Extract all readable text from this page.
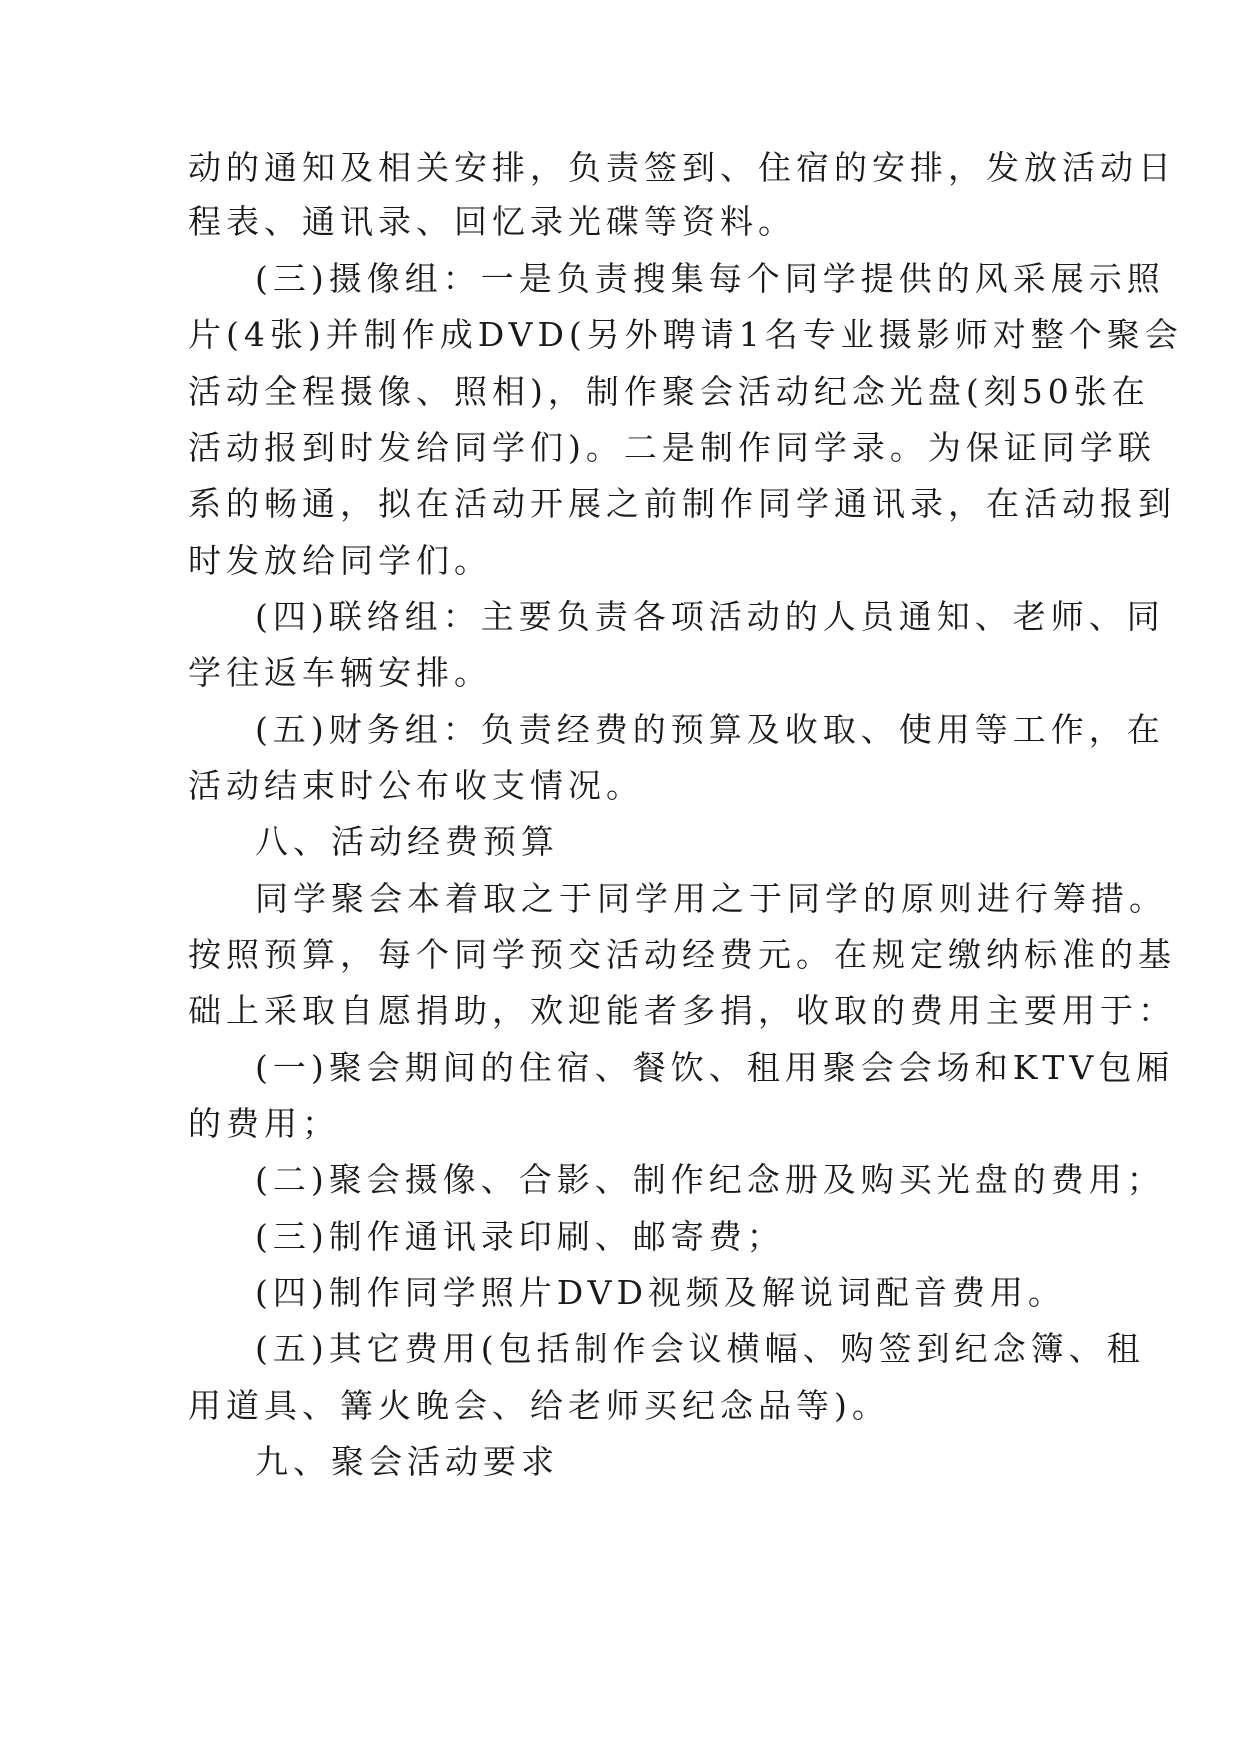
动的通知及相关安排，负责签到、住宿的安排，发放活动日
程表、通讯录、回忆录光碟等资料。
(三)摄像组：一是负责搜集每个同学提供的风采展示照
片(4张)并制作成DVD(另外聘请1名专业摄影师对整个聚会
活动全程摄像、照相)，制作聚会活动纪念光盘(刻50张在
活动报到时发给同学们)。二是制作同学录。为保证同学联
系的畅通，拟在活动开展之前制作同学通讯录，在活动报到
时发放给同学们。
(四)联络组：主要负责各项活动的人员通知、老师、同
学往返车辆安排。
(五)财务组：负责经费的预算及收取、使用等工作，在
活动结束时公布收支情况。
八、活动经费预算
同学聚会本着取之于同学用之于同学的原则进行筹措。
按照预算，每个同学预交活动经费元。在规定缴纳标准的基
础上采取自愿捐助，欢迎能者多捐，收取的费用主要用于：
(一)聚会期间的住宿、餐饮、租用聚会会场和KTV包厢
的费用；
(二)聚会摄像、合影、制作纪念册及购买光盘的费用；
(三)制作通讯录印刷、邮寄费；
(四)制作同学照片DVD视频及解说词配音费用。
(五)其它费用(包括制作会议横幅、购签到纪念簿、租
用道具、篝火晚会、给老师买纪念品等)。
九、聚会活动要求
